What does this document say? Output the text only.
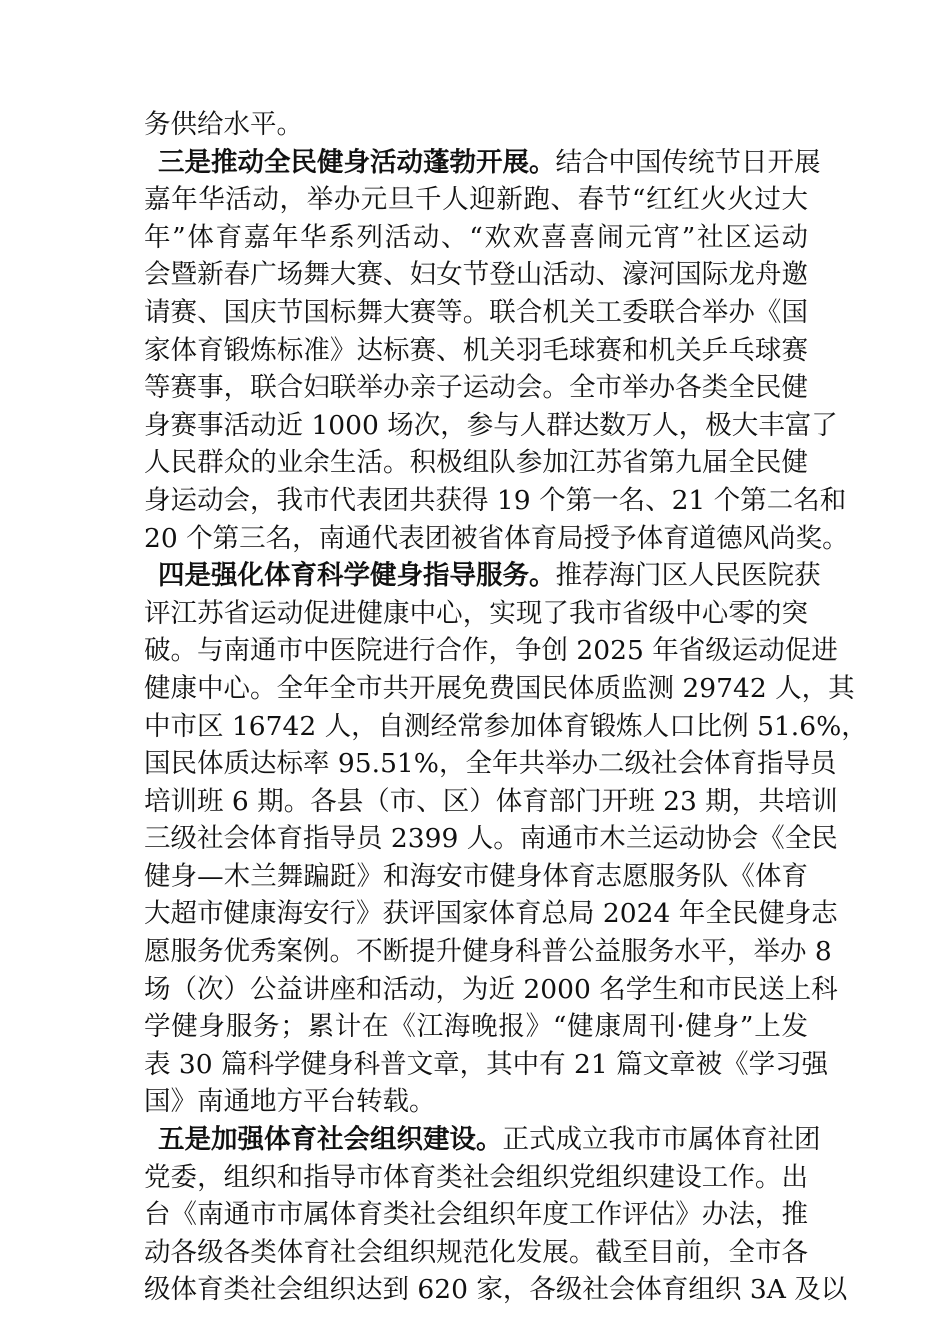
务供给水平。
三是推动全民健身活动蓬勃开展。结合中国传统节日开展
嘉年华活动，举办元旦千人迎新跑、春节“红红火火过大
年”体育嘉年华系列活动、“欢欢喜喜闹元宵”社区运动
会暨新春广场舞大赛、妇女节登山活动、濠河国际龙舟邀
请赛、国庆节国标舞大赛等。联合机关工委联合举办《国
家体育锻炼标准》达标赛、机关羽毛球赛和机关乒乓球赛
等赛事，联合妇联举办亲子运动会。全市举办各类全民健
身赛事活动近 1000 场次，参与人群达数万人，极大丰富了
人民群众的业余生活。积极组队参加江苏省第九届全民健
身运动会，我市代表团共获得 19 个第一名、21 个第二名和
20 个第三名，南通代表团被省体育局授予体育道德风尚奖。
四是强化体育科学健身指导服务。推荐海门区人民医院获
评江苏省运动促进健康中心，实现了我市省级中心零的突
破。与南通市中医院进行合作，争创 2025 年省级运动促进
健康中心。全年全市共开展免费国民体质监测 29742 人，其
中市区 16742 人，自测经常参加体育锻炼人口比例 51.6%，
国民体质达标率 95.51%，全年共举办二级社会体育指导员
培训班 6 期。各县（市、区）体育部门开班 23 期，共培训
三级社会体育指导员 2399 人。南通市木兰运动协会《全民
健身—木兰舞蹁跹》和海安市健身体育志愿服务队《体育
大超市健康海安行》获评国家体育总局 2024 年全民健身志
愿服务优秀案例。不断提升健身科普公益服务水平，举办 8
场（次）公益讲座和活动，为近 2000 名学生和市民送上科
学健身服务；累计在《江海晚报》“健康周刊·健身”上发
表 30 篇科学健身科普文章，其中有 21 篇文章被《学习强
国》南通地方平台转载。
五是加强体育社会组织建设。正式成立我市市属体育社团
党委，组织和指导市体育类社会组织党组织建设工作。出
台《南通市市属体育类社会组织年度工作评估》办法，推
动各级各类体育社会组织规范化发展。截至目前，全市各
级体育类社会组织达到 620 家，各级社会体育组织 3A 及以
